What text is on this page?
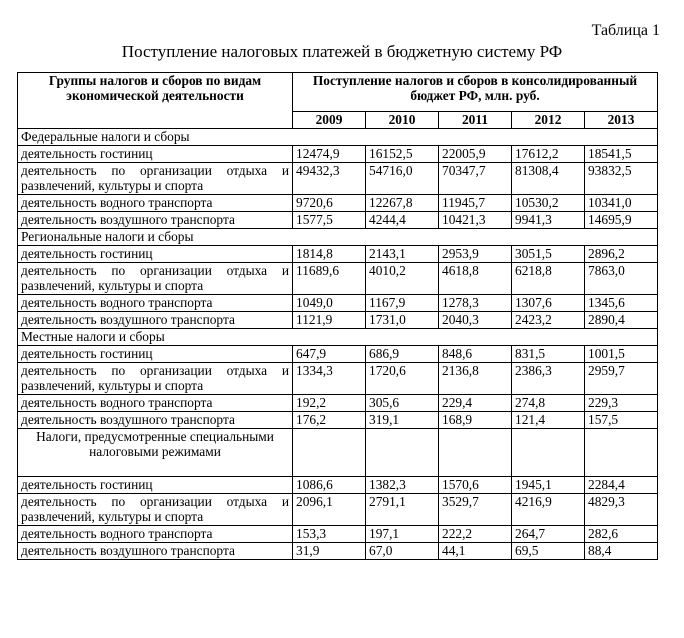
Таблица 1
Поступление налоговых платежей в бюджетную систему РФ
Группы налогов и сборов по видам экономической деятельности	Поступление налогов и сборов в консолидированный бюджет РФ, млн. руб.				
	2009	2010	2011	2012	2013
Федеральные налоги и сборы					
деятельность гостиниц	12474,9	16152,5	22005,9	17612,2	18541,5
деятельность по организации отдыха и развлечений, культуры и спорта	49432,3	54716,0	70347,7	81308,4	93832,5
деятельность водного транспорта	9720,6	12267,8	11945,7	10530,2	10341,0
деятельность воздушного транспорта	1577,5	4244,4	10421,3	9941,3	14695,9
Региональные налоги и сборы					
деятельность гостиниц	1814,8	2143,1	2953,9	3051,5	2896,2
деятельность по организации отдыха и развлечений, культуры и спорта	11689,6	4010,2	4618,8	6218,8	7863,0
деятельность водного транспорта	1049,0	1167,9	1278,3	1307,6	1345,6
деятельность воздушного транспорта	1121,9	1731,0	2040,3	2423,2	2890,4
Местные налоги и сборы					
деятельность гостиниц	647,9	686,9	848,6	831,5	1001,5
деятельность по организации отдыха и развлечений, культуры и спорта	1334,3	1720,6	2136,8	2386,3	2959,7
деятельность водного транспорта	192,2	305,6	229,4	274,8	229,3
деятельность воздушного транспорта	176,2	319,1	168,9	121,4	157,5
Налоги, предусмотренные специальными налоговыми режимами					
деятельность гостиниц	1086,6	1382,3	1570,6	1945,1	2284,4
деятельность по организации отдыха и развлечений, культуры и спорта	2096,1	2791,1	3529,7	4216,9	4829,3
деятельность водного транспорта	153,3	197,1	222,2	264,7	282,6
деятельность воздушного транспорта	31,9	67,0	44,1	69,5	88,4
